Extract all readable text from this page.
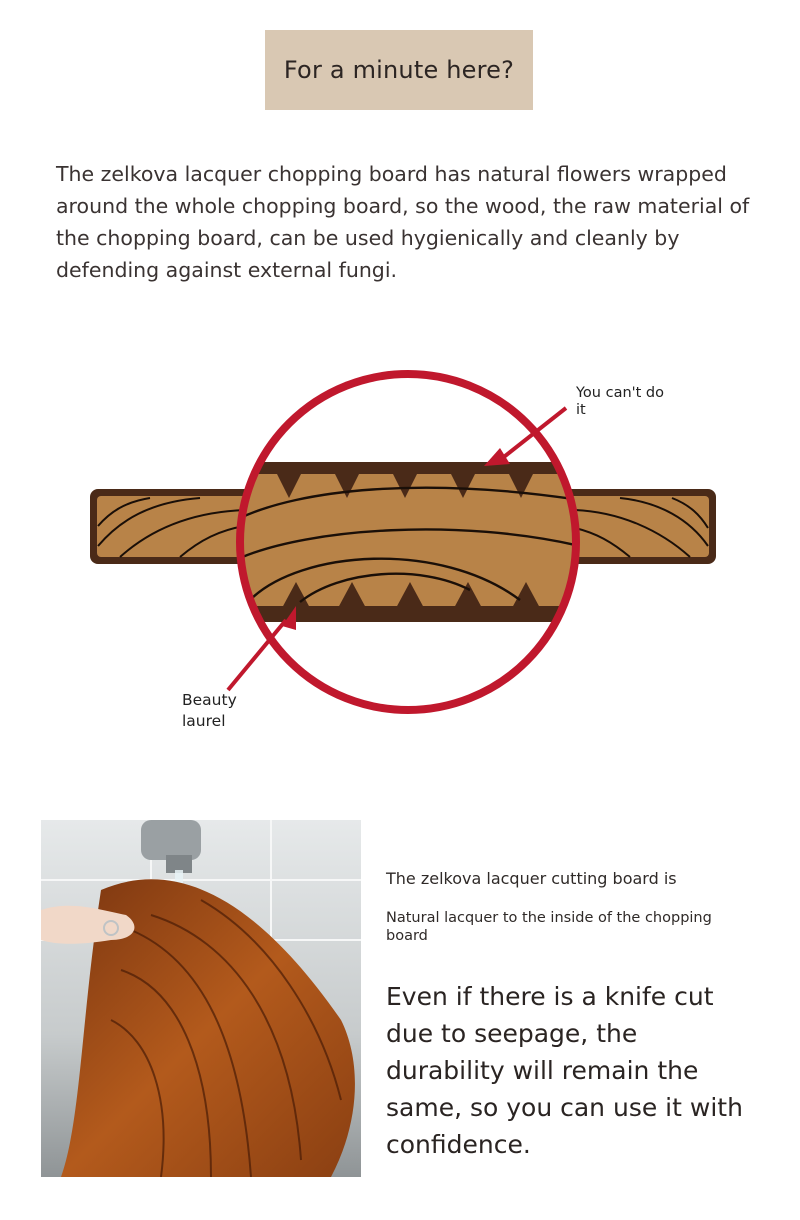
For a minute here?
The zelkova lacquer chopping board has natural flowers wrapped around the whole chopping board, so the wood, the raw material of the chopping board, can be used hygienically and cleanly by defending against external fungi.
You can't do it
Beauty laurel
The zelkova lacquer cutting board is
Natural lacquer to the inside of the chopping board
Even if there is a knife cut due to seepage, the durability will remain the same, so you can use it with confidence.
